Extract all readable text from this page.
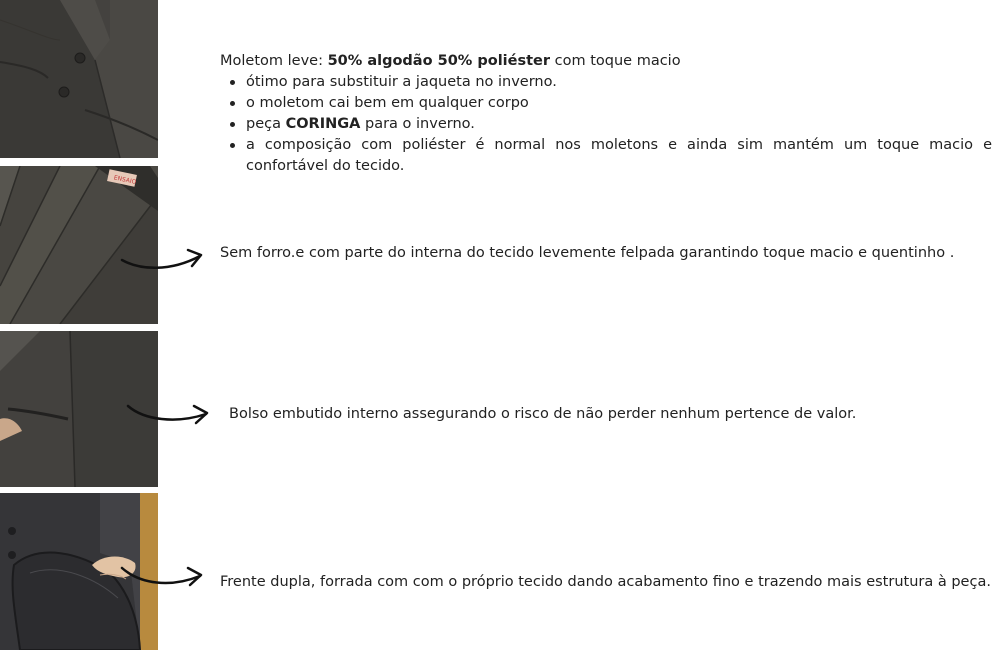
ENSAIO
Moletom leve: 50% algodão 50% poliéster com toque macio
ótimo para substituir a jaqueta no inverno.
o moletom cai bem em qualquer corpo
peça CORINGA para o inverno.
a composição com poliéster é normal nos moletons e ainda sim mantém um toque macio e confortável do tecido.
Sem forro.e com parte do interna do tecido levemente felpada garantindo toque macio e quentinho .
Bolso embutido interno assegurando o risco de não perder nenhum pertence de valor.
Frente dupla, forrada com com o próprio tecido dando acabamento fino e trazendo mais estrutura à peça.
